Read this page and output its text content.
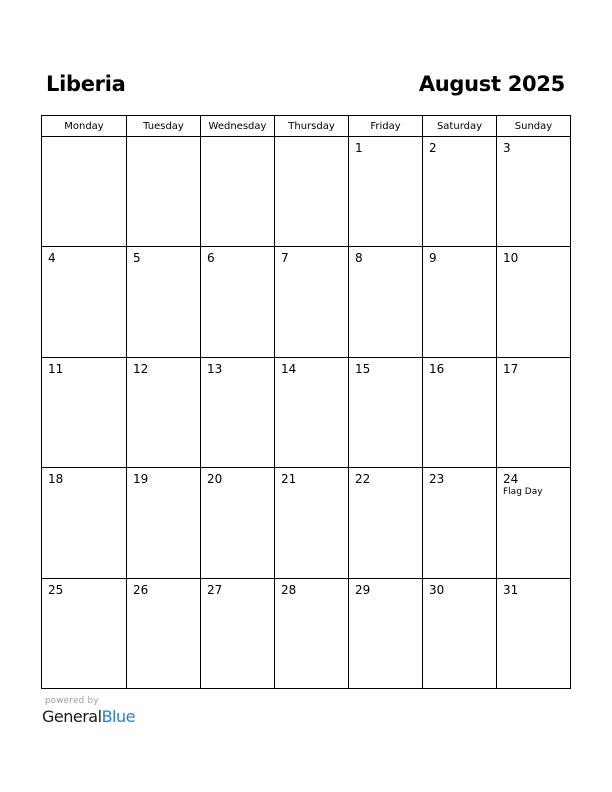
Liberia	August 2025
Monday	Tuesday	Wednesday	Thursday	Friday	Saturday	Sunday

				1	2	3

4	5	6	7	8	9	10

11	12	13	14	15	16	17

18	19	20	21	22	23	24
Flag Day

25	26	27	28	29	30	31
powered by
GeneralBlue
